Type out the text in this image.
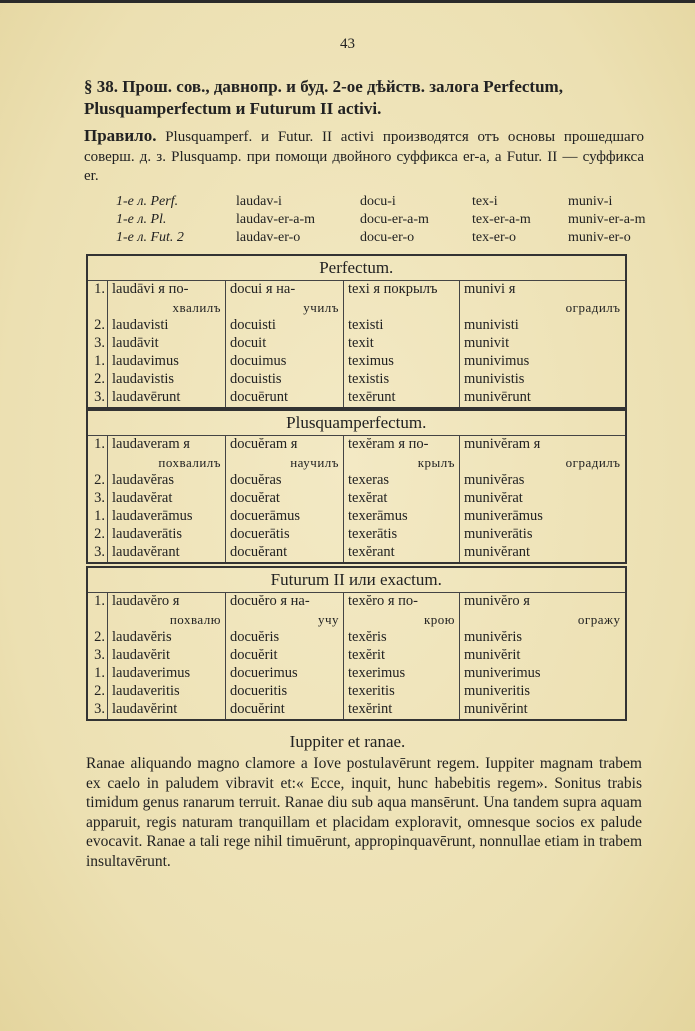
43
§ 38. Прош. сов., давнопр. и буд. 2-ое дѣйств. залога Perfectum, Plusquamperfectum и Futurum II activi.
Правило. Plusquamperf. и Futur. II activi производятся отъ основы прошедшаго соверш. д. з. Plusquamp. при помощи двойного суффикса er-a, а Futur. II — суффикса er.
1-е л. Perf.	laudav-i	docu-i	tex-i	muniv-i
1-е л. Pl.	laudav-er-a-m	docu-er-a-m	tex-er-a-m	muniv-er-a-m
1-е л. Fut. 2	laudav-er-o	docu-er-o	tex-er-o	muniv-er-o
Perfectum.				
1.	laudāvi я по-	docui я на-	texi я покрылъ	munivi я
	хвалилъ	училъ		оградилъ
2.	laudavisti	docuisti	texisti	munivisti
3.	laudāvit	docuit	texit	munivit
1.	laudavimus	docuimus	teximus	munivimus
2.	laudavistis	docuistis	texistis	munivistis
3.	laudavērunt	docuērunt	texērunt	munivērunt
Plusquamperfectum.				
1.	laudaveram я	docuĕram я	texĕram я по-	munivĕram я
	похвалилъ	научилъ	крылъ	оградилъ
2.	laudavĕras	docuĕras	texeras	munivĕras
3.	laudavĕrat	docuĕrat	texĕrat	munivĕrat
1.	laudaverāmus	docuerāmus	texerāmus	muniverāmus
2.	laudaverātis	docuerātis	texerātis	muniverātis
3.	laudavĕrant	docuĕrant	texĕrant	munivĕrant
Futurum II или exactum.				
1.	laudavĕro я	docuĕro я на-	texĕro я по-	munivĕro я
	похвалю	учу	крою	огражу
2.	laudavĕris	docuĕris	texĕris	munivĕris
3.	laudavĕrit	docuĕrit	texĕrit	munivĕrit
1.	laudaverimus	docuerimus	texerimus	muniverimus
2.	laudaveritis	docueritis	texeritis	muniveritis
3.	laudavĕrint	docuĕrint	texĕrint	munivĕrint
Iuppiter et ranae.
Ranae aliquando magno clamore a Iove postulavērunt regem. Iuppiter magnam trabem ex caelo in paludem vibravit et:« Ecce, inquit, hunc habebitis regem». Sonitus trabis timidum genus ranarum terruit. Ranae diu sub aqua mansērunt. Una tandem supra aquam apparuit, regis naturam tranquillam et placidam exploravit, omnesque socios ex palude evocavit. Ranae a tali rege nihil timuērunt, appropinquavērunt, nonnullae etiam in trabem insultavērunt.
